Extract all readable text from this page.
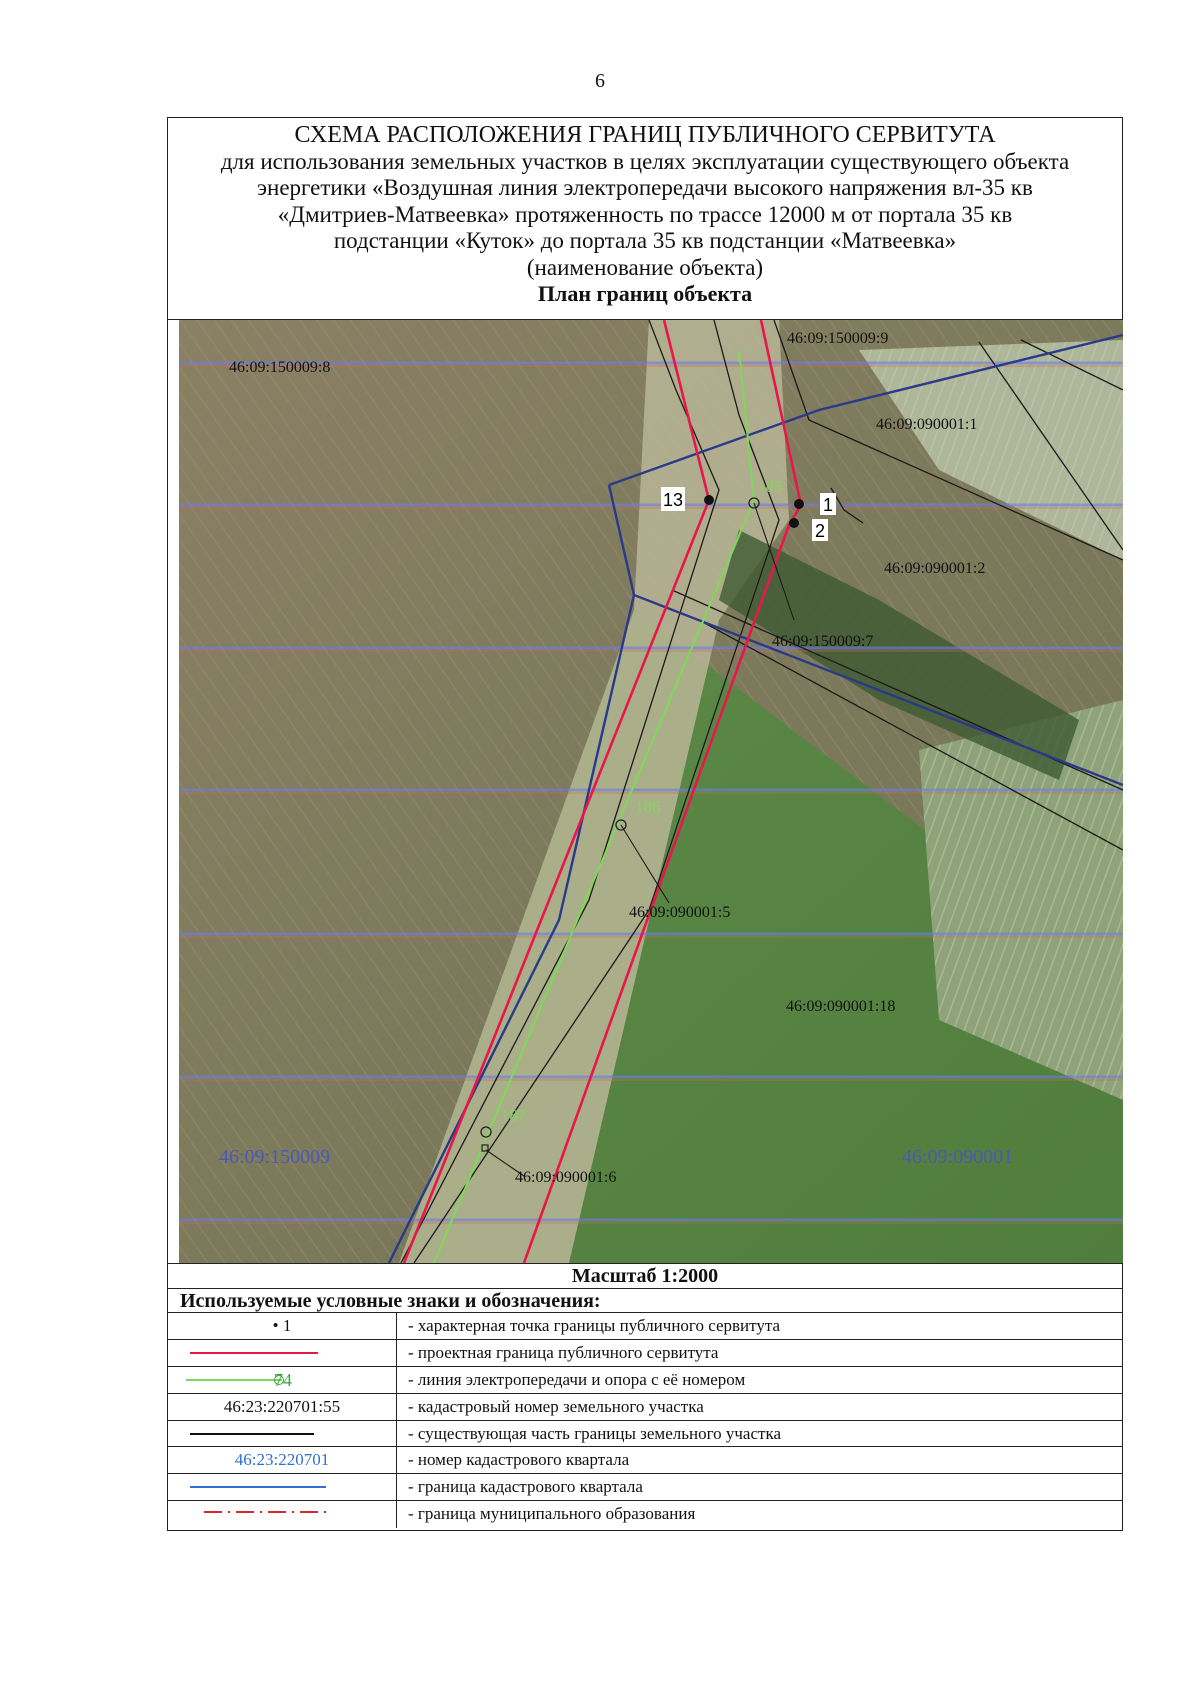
6
СХЕМА РАСПОЛОЖЕНИЯ ГРАНИЦ ПУБЛИЧНОГО СЕРВИТУТА
для использования земельных участков в целях эксплуатации существующего объекта
энергетики «Воздушная линия электропередачи высокого напряжения вл-35 кв
«Дмитриев-Матвеевка» протяженность по трассе 12000 м от портала 35 кв
подстанции «Куток» до портала 35 кв подстанции «Матвеевка»
(наименование объекта)
План границ объекта
185
186
187
13	1
2
46:09:150009:8
46:09:150009:9
46:09:090001:1
46:09:090001:2
46:09:150009:7
46:09:090001:5
46:09:090001:18
46:09:090001:6
46:09:150009	46:09:090001
Масштаб 1:2000
Используемые условные знаки и обозначения:
• 1	- характерная точка границы публичного сервитута
- проектная граница публичного сервитута
74	- линия электропередачи и опора с её номером
46:23:220701:55	- кадастровый номер земельного участка
- существующая часть границы земельного участка
46:23:220701	- номер кадастрового квартала
- граница кадастрового квартала
- граница муниципального образования
